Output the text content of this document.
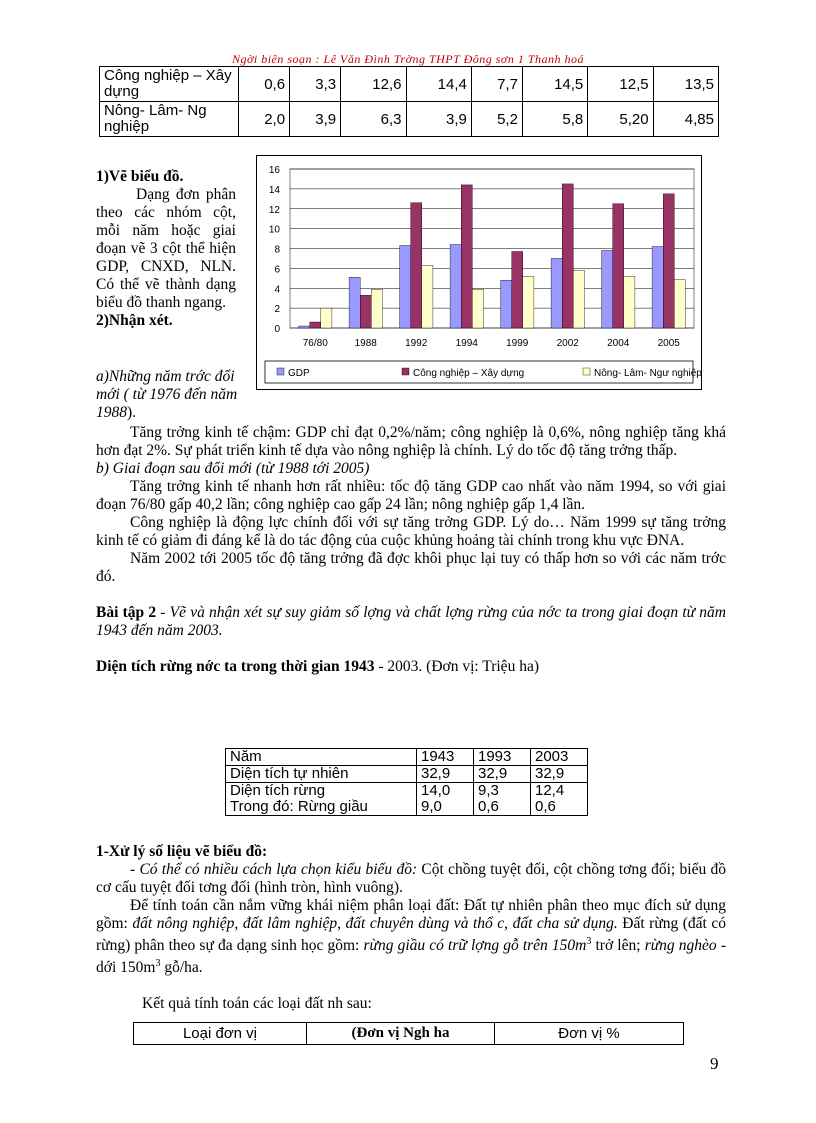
Ngời biên soạn : Lê Văn Đình Trờng THPT Đông sơn 1 Thanh hoá
Công nghiệp – Xây dựng	0,6	3,3	12,6	14,4	7,7	14,5	12,5	13,5
Nông- Lâm- Ng nghiệp	2,0	3,9	6,3	3,9	5,2	5,8	5,20	4,85
1)Vẽ biểu đồ.
Dạng đơn phân theo các nhóm cột, mỗi năm hoặc giai đoạn vẽ 3 cột thể hiện GDP, CNXD, NLN. Có thể vẽ thành dạng biểu đồ thanh ngang.
2)Nhận xét.
0
2
4
6
8
10
12
14
16
76/80	1988	1992	1994	1999	2002	2004	2005
GDP	Công nghiệp – Xây dựng	Nông- Lâm- Ngư nghiệp
a)Những năm trớc đổi mới ( từ 1976 đến năm 1988).
Tăng trởng kinh tế chậm: GDP chỉ đạt 0,2%/năm; công nghiệp là 0,6%, nông nghiệp tăng khá hơn đạt 2%. Sự phát triển kinh tế dựa vào nông nghiệp là chính. Lý do tốc độ tăng trởng thấp.
b) Giai đoạn sau đổi mới (từ 1988 tới 2005)
Tăng trởng kinh tế nhanh hơn rất nhiều: tốc độ tăng GDP cao nhất vào năm 1994, so với giai đoạn 76/80 gấp 40,2 lần; công nghiệp cao gấp 24 lần; nông nghiệp gấp 1,4 lần.
Công nghiệp là động lực chính đối với sự tăng trởng GDP. Lý do… Năm 1999 sự tăng trởng kinh tế có giảm đi đáng kể là do tác động của cuộc khủng hoảng tài chính trong khu vực ĐNA.
Năm 2002 tới 2005 tốc độ tăng trởng đã đợc khôi phục lại tuy có thấp hơn so với các năm trớc đó.
Bài tập 2 - Vẽ và nhận xét sự suy giảm số lợng và chất lợng rừng của nớc ta trong giai đoạn từ năm 1943 đến năm 2003.
Diện tích rừng nớc ta trong thời gian 1943 - 2003. (Đơn vị: Triệu ha)
Năm	1943	1993	2003
Diện tích tự nhiên	32,9	32,9	32,9
Diện tích rừng	14,0	9,3	12,4
Trong đó: Rừng giầu	9,0	0,6	0,6
1-Xử lý số liệu vẽ biểu đồ:
- Có thể có nhiều cách lựa chọn kiểu biểu đồ: Cột chồng tuyệt đối, cột chồng tơng đối; biểu đồ cơ cấu tuyệt đối tơng đối (hình tròn, hình vuông).
Để tính toán cần nắm vững khái niệm phân loại đất: Đất tự nhiên phân theo mục đích sử dụng gồm: đất nông nghiệp, đất lâm nghiệp, đất chuyên dùng và thổ c, đất cha sử dụng. Đất rừng (đất có rừng) phân theo sự đa dạng sinh học gồm: rừng giầu có trữ lợng gỗ trên $150m^3$ trở lên; rừng nghèo - dới $150m^3$ gỗ/ha.
Kết quả tính toán các loại đất nh sau:
Loại đơn vị	(Đơn vị Ngh ha	Đơn vị %
9
